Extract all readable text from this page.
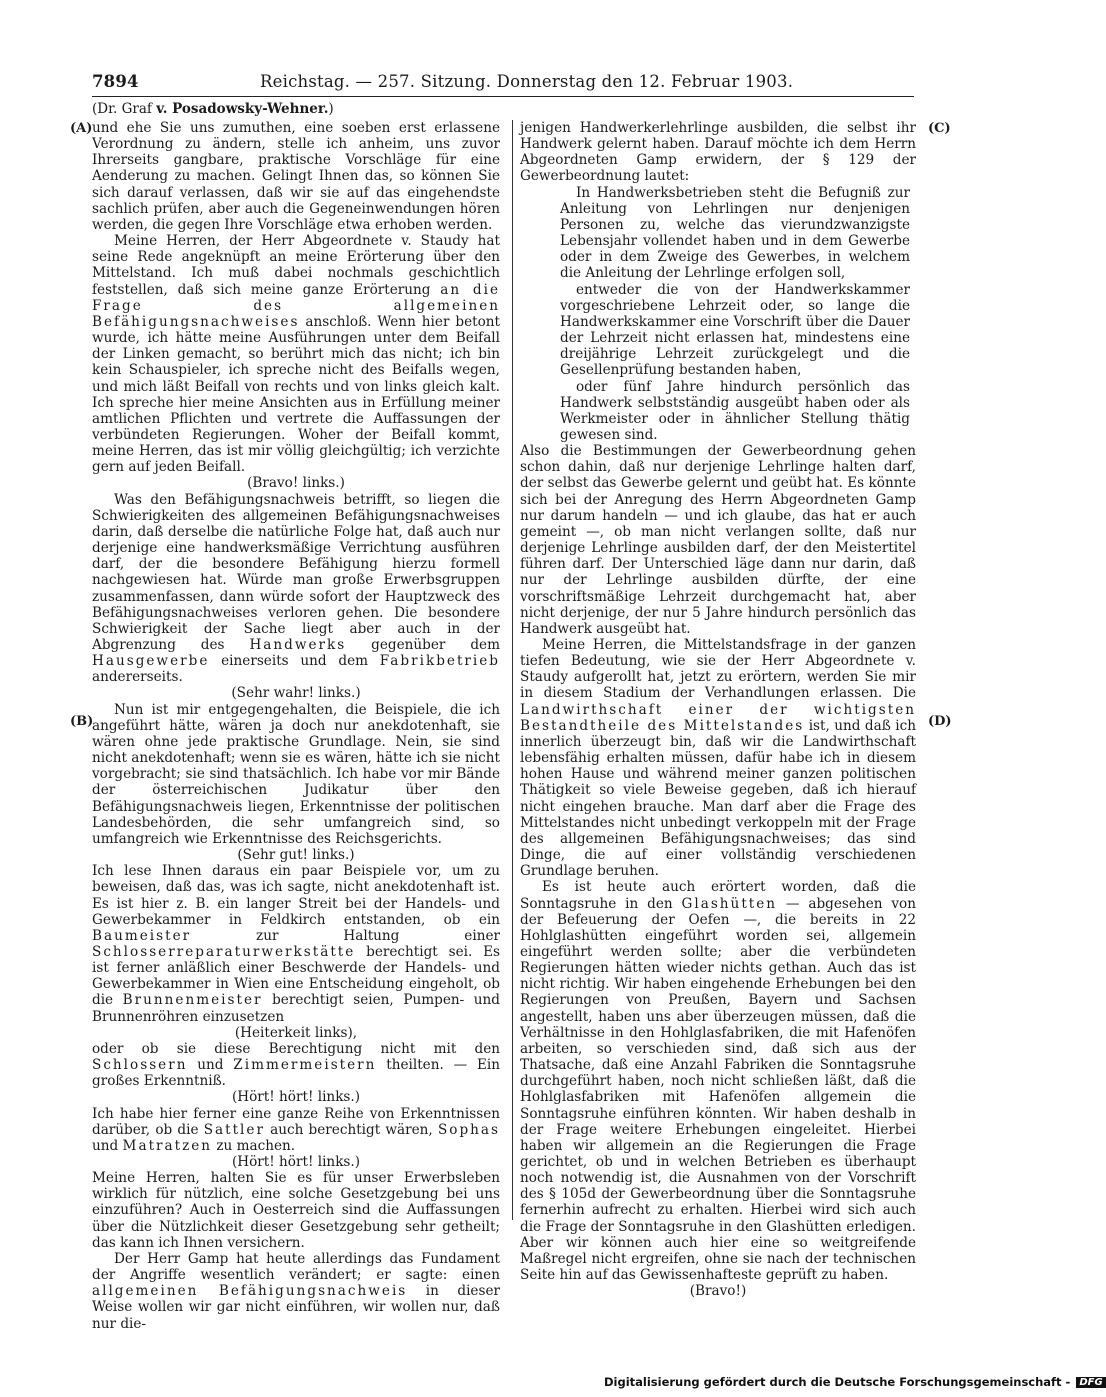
7894	Reichstag. — 257. Sitzung. Donnerstag den 12. Februar 1903.
(Dr. Graf v. Posadowsky-Wehner.)
(A)
(B)
(C)
(D)

und ehe Sie uns zumuthen, eine soeben erst erlassene Verordnung zu ändern, stelle ich anheim, uns zuvor Ihrerseits gangbare, praktische Vorschläge für eine Aenderung zu machen. Gelingt Ihnen das, so können Sie sich darauf verlassen, daß wir sie auf das eingehendste sachlich prüfen, aber auch die Gegeneinwendungen hören werden, die gegen Ihre Vorschläge etwa erhoben werden.

Meine Herren, der Herr Abgeordnete v. Staudy hat seine Rede angeknüpft an meine Erörterung über den Mittelstand. Ich muß dabei nochmals geschichtlich feststellen, daß sich meine ganze Erörterung an die Frage des allgemeinen Befähigungsnachweises anschloß. Wenn hier betont wurde, ich hätte meine Ausführungen unter dem Beifall der Linken gemacht, so berührt mich das nicht; ich bin kein Schauspieler, ich spreche nicht des Beifalls wegen, und mich läßt Beifall von rechts und von links gleich kalt. Ich spreche hier meine Ansichten aus in Erfüllung meiner amtlichen Pflichten und vertrete die Auffassungen der verbündeten Regierungen. Woher der Beifall kommt, meine Herren, das ist mir völlig gleichgültig; ich verzichte gern auf jeden Beifall.

(Bravo! links.)

Was den Befähigungsnachweis betrifft, so liegen die Schwierigkeiten des allgemeinen Befähigungsnachweises darin, daß derselbe die natürliche Folge hat, daß auch nur derjenige eine handwerksmäßige Verrichtung ausführen darf, der die besondere Befähigung hierzu formell nachgewiesen hat. Würde man große Erwerbsgruppen zusammenfassen, dann würde sofort der Hauptzweck des Befähigungsnachweises verloren gehen. Die besondere Schwierigkeit der Sache liegt aber auch in der Abgrenzung des Handwerks gegenüber dem Hausgewerbe einerseits und dem Fabrikbetrieb andererseits.

(Sehr wahr! links.)

Nun ist mir entgegengehalten, die Beispiele, die ich angeführt hätte, wären ja doch nur anekdotenhaft, sie wären ohne jede praktische Grundlage. Nein, sie sind nicht anekdotenhaft; wenn sie es wären, hätte ich sie nicht vorgebracht; sie sind thatsächlich. Ich habe vor mir Bände der österreichischen Judikatur über den Befähigungsnachweis liegen, Erkenntnisse der politischen Landesbehörden, die sehr umfangreich sind, so umfangreich wie Erkenntnisse des Reichsgerichts.

(Sehr gut! links.)

Ich lese Ihnen daraus ein paar Beispiele vor, um zu beweisen, daß das, was ich sagte, nicht anekdotenhaft ist. Es ist hier z. B. ein langer Streit bei der Handels- und Gewerbekammer in Feldkirch entstanden, ob ein Baumeister zur Haltung einer Schlosserreparaturwerkstätte berechtigt sei. Es ist ferner anläßlich einer Beschwerde der Handels- und Gewerbekammer in Wien eine Entscheidung eingeholt, ob die Brunnenmeister berechtigt seien, Pumpen- und Brunnenröhren einzusetzen

(Heiterkeit links),

oder ob sie diese Berechtigung nicht mit den Schlossern und Zimmermeistern theilten. — Ein großes Erkenntniß.

(Hört! hört! links.)

Ich habe hier ferner eine ganze Reihe von Erkenntnissen darüber, ob die Sattler auch berechtigt wären, Sophas und Matratzen zu machen.

(Hört! hört! links.)

Meine Herren, halten Sie es für unser Erwerbsleben wirklich für nützlich, eine solche Gesetzgebung bei uns einzuführen? Auch in Oesterreich sind die Auffassungen über die Nützlichkeit dieser Gesetzgebung sehr getheilt; das kann ich Ihnen versichern.

Der Herr Gamp hat heute allerdings das Fundament der Angriffe wesentlich verändert; er sagte: einen allgemeinen Befähigungsnachweis in dieser Weise wollen wir gar nicht einführen, wir wollen nur, daß nur die-

jenigen Handwerkerlehrlinge ausbilden, die selbst ihr Handwerk gelernt haben. Darauf möchte ich dem Herrn Abgeordneten Gamp erwidern, der § 129 der Gewerbeordnung lautet:

In Handwerksbetrieben steht die Befugniß zur Anleitung von Lehrlingen nur denjenigen Personen zu, welche das vierundzwanzigste Lebensjahr vollendet haben und in dem Gewerbe oder in dem Zweige des Gewerbes, in welchem die Anleitung der Lehrlinge erfolgen soll,

entweder die von der Handwerkskammer vorgeschriebene Lehrzeit oder, so lange die Handwerkskammer eine Vorschrift über die Dauer der Lehrzeit nicht erlassen hat, mindestens eine dreijährige Lehrzeit zurückgelegt und die Gesellenprüfung bestanden haben,

oder fünf Jahre hindurch persönlich das Handwerk selbstständig ausgeübt haben oder als Werkmeister oder in ähnlicher Stellung thätig gewesen sind.

Also die Bestimmungen der Gewerbeordnung gehen schon dahin, daß nur derjenige Lehrlinge halten darf, der selbst das Gewerbe gelernt und geübt hat. Es könnte sich bei der Anregung des Herrn Abgeordneten Gamp nur darum handeln — und ich glaube, das hat er auch gemeint —, ob man nicht verlangen sollte, daß nur derjenige Lehrlinge ausbilden darf, der den Meistertitel führen darf. Der Unterschied läge dann nur darin, daß nur der Lehrlinge ausbilden dürfte, der eine vorschriftsmäßige Lehrzeit durchgemacht hat, aber nicht derjenige, der nur 5 Jahre hindurch persönlich das Handwerk ausgeübt hat.

Meine Herren, die Mittelstandsfrage in der ganzen tiefen Bedeutung, wie sie der Herr Abgeordnete v. Staudy aufgerollt hat, jetzt zu erörtern, werden Sie mir in diesem Stadium der Verhandlungen erlassen. Die Landwirthschaft einer der wichtigsten Bestandtheile des Mittelstandes ist, und daß ich innerlich überzeugt bin, daß wir die Landwirthschaft lebensfähig erhalten müssen, dafür habe ich in diesem hohen Hause und während meiner ganzen politischen Thätigkeit so viele Beweise gegeben, daß ich hierauf nicht eingehen brauche. Man darf aber die Frage des Mittelstandes nicht unbedingt verkoppeln mit der Frage des allgemeinen Befähigungsnachweises; das sind Dinge, die auf einer vollständig verschiedenen Grundlage beruhen.

Es ist heute auch erörtert worden, daß die Sonntagsruhe in den Glashütten — abgesehen von der Befeuerung der Oefen —, die bereits in 22 Hohlglashütten eingeführt worden sei, allgemein eingeführt werden sollte; aber die verbündeten Regierungen hätten wieder nichts gethan. Auch das ist nicht richtig. Wir haben eingehende Erhebungen bei den Regierungen von Preußen, Bayern und Sachsen angestellt, haben uns aber überzeugen müssen, daß die Verhältnisse in den Hohlglasfabriken, die mit Hafenöfen arbeiten, so verschieden sind, daß sich aus der Thatsache, daß eine Anzahl Fabriken die Sonntagsruhe durchgeführt haben, noch nicht schließen läßt, daß die Hohlglasfabriken mit Hafenöfen allgemein die Sonntagsruhe einführen könnten. Wir haben deshalb in der Frage weitere Erhebungen eingeleitet. Hierbei haben wir allgemein an die Regierungen die Frage gerichtet, ob und in welchen Betrieben es überhaupt noch notwendig ist, die Ausnahmen von der Vorschrift des § 105d der Gewerbeordnung über die Sonntagsruhe fernerhin aufrecht zu erhalten. Hierbei wird sich auch die Frage der Sonntagsruhe in den Glashütten erledigen. Aber wir können auch hier eine so weitgreifende Maßregel nicht ergreifen, ohne sie nach der technischen Seite hin auf das Gewissenhafteste geprüft zu haben.

(Bravo!)

Digitalisierung gefördert durch die Deutsche Forschungsgemeinschaft - DFG
